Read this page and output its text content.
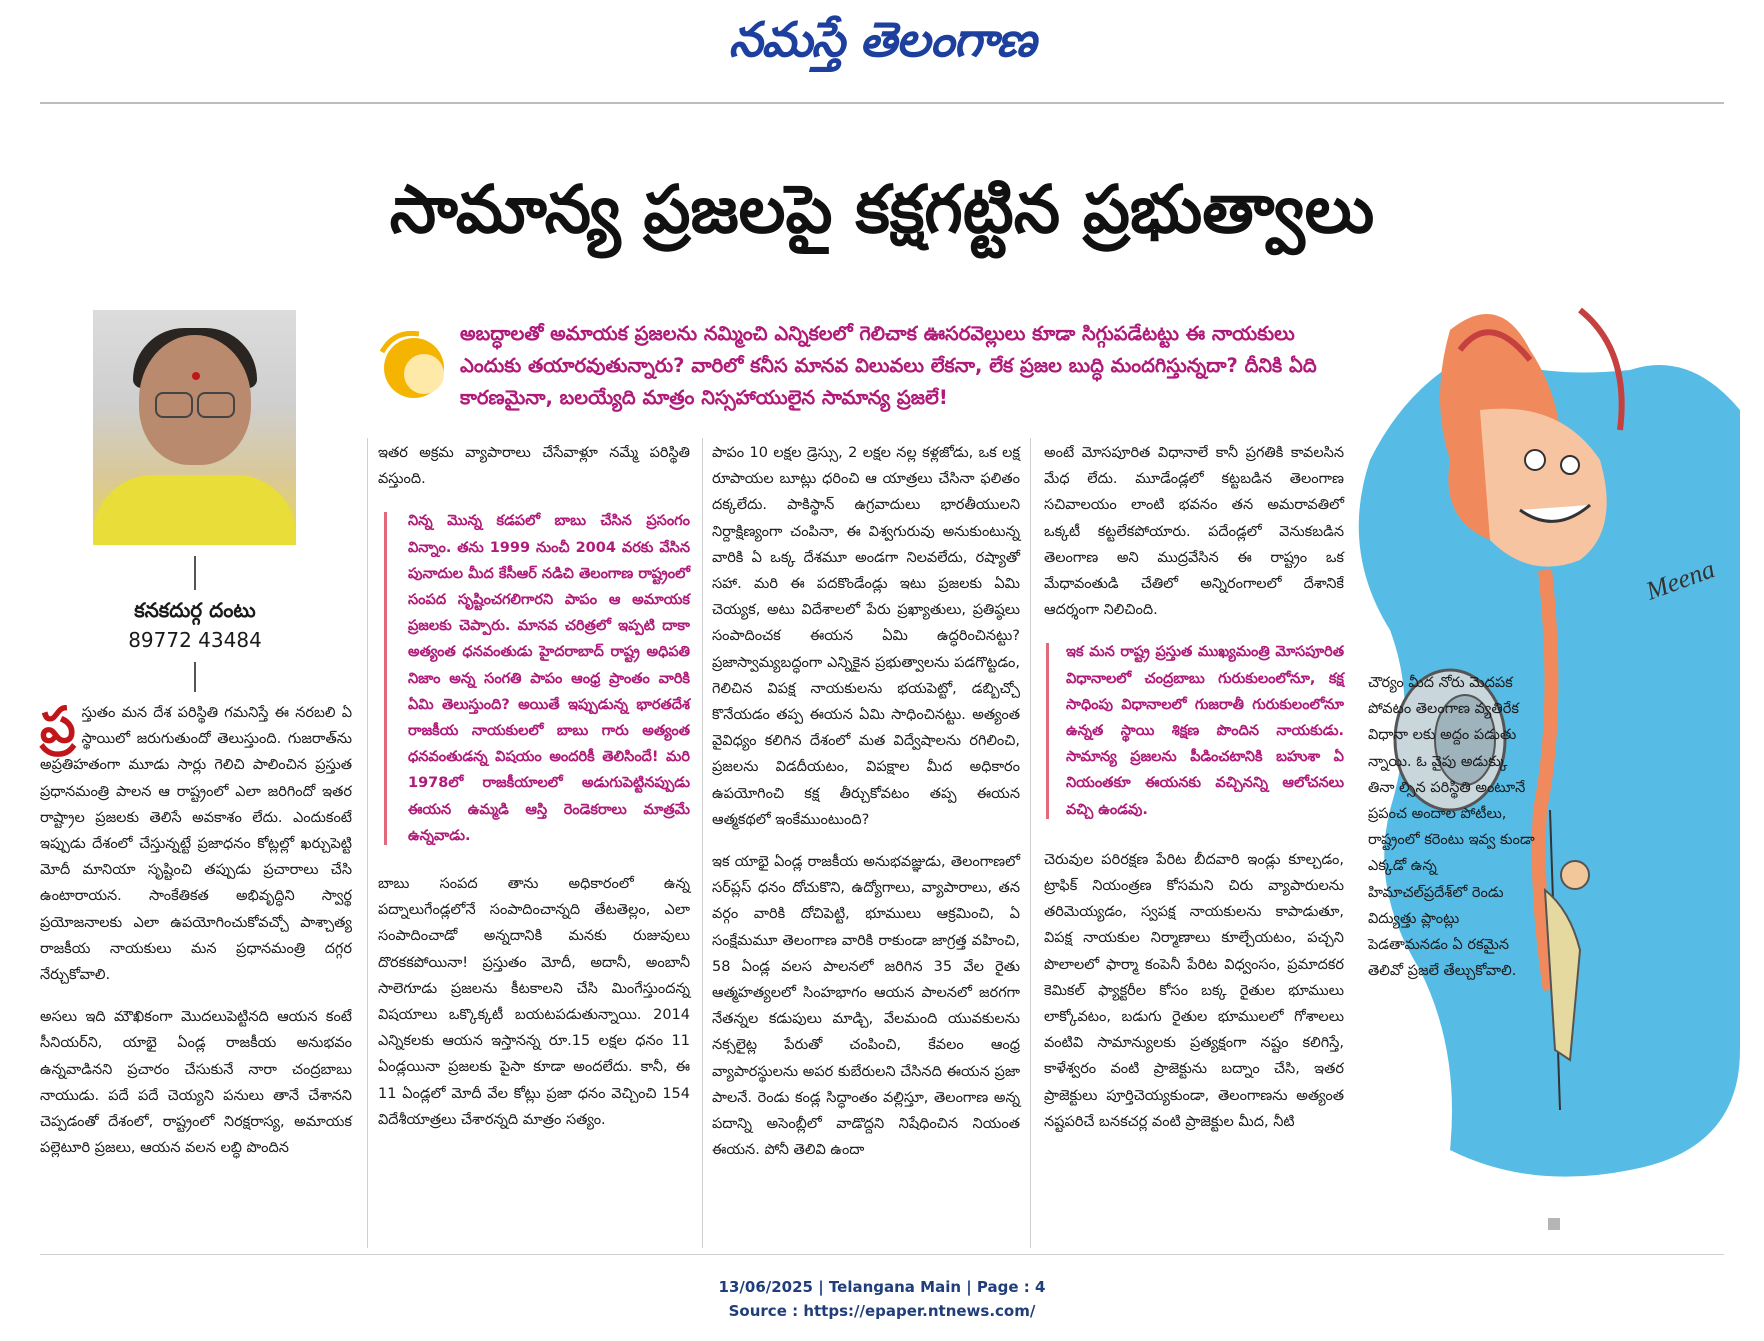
నమస్తే తెలంగాణ
సామాన్య ప్రజలపై కక్షగట్టిన ప్రభుత్వాలు
కనకదుర్గ దంటు
89772 43484
అబద్ధాలతో అమాయక ప్రజలను నమ్మించి ఎన్నికలలో గెలిచాక ఊసరవెల్లులు కూడా సిగ్గుపడేటట్టు ఈ నాయకులు ఎందుకు తయారవుతున్నారు? వారిలో కనీస మానవ విలువలు లేకనా, లేక ప్రజల బుద్ధి మందగిస్తున్నదా? దీనికి ఏది కారణమైనా, బలయ్యేది మాత్రం నిస్సహాయులైన సామాన్య ప్రజలే!

ప్ర స్తుతం మన దేశ పరిస్థితి గమనిస్తే ఈ నరబలి ఏ స్థాయిలో జరుగుతుందో తెలుస్తుంది. గుజరాత్‌ను అప్రతిహతంగా మూడు సార్లు గెలిచి పాలించిన ప్రస్తుత ప్రధానమంత్రి పాలన ఆ రాష్ట్రంలో ఎలా జరిగిందో ఇతర రాష్ట్రాల ప్రజలకు తెలిసే అవకాశం లేదు. ఎందుకంటే ఇప్పుడు దేశంలో చేస్తున్నట్టే ప్రజాధనం కోట్లల్లో ఖర్చుపెట్టి మోదీ మానియా సృష్టించి తప్పుడు ప్రచారాలు చేసి ఉంటారాయన. సాంకేతికత అభివృద్ధిని స్వార్థ ప్రయోజనాలకు ఎలా ఉపయోగించుకోవచ్చో పాశ్చాత్య రాజకీయ నాయకులు మన ప్రధానమంత్రి దగ్గర నేర్చుకోవాలి.

అసలు ఇది మౌఖికంగా మొదలుపెట్టినది ఆయన కంటే సీనియర్‌ని, యాభై ఏండ్ల రాజకీయ అనుభవం ఉన్నవాడినని ప్రచారం చేసుకునే నారా చంద్రబాబు నాయుడు. పదే పదే చెయ్యని పనులు తానే చేశానని చెప్పడంతో దేశంలో, రాష్ట్రంలో నిరక్షరాస్య, అమాయక పల్లెటూరి ప్రజలు, ఆయన వలన లబ్ధి పొందిన

ఇతర అక్రమ వ్యాపారాలు చేసేవాళ్లూ నమ్మే పరిస్థితి వస్తుంది.

నిన్న మొన్న కడపలో బాబు చేసిన ప్రసంగం విన్నాం. తను 1999 నుంచీ 2004 వరకు వేసిన పునాదుల మీద కేసీఆర్ నడిచి తెలంగాణ రాష్ట్రంలో సంపద సృష్టించగలిగారని పాపం ఆ అమాయక ప్రజలకు చెప్పారు. మానవ చరిత్రలో ఇప్పటి దాకా అత్యంత ధనవంతుడు హైదరాబాద్ రాష్ట్ర అధిపతి నిజాం అన్న సంగతి పాపం ఆంధ్ర ప్రాంతం వారికి ఏమి తెలుస్తుంది? అయితే ఇప్పుడున్న భారతదేశ రాజకీయ నాయకులలో బాబు గారు అత్యంత ధనవంతుడన్న విషయం అందరికీ తెలిసిందే! మరి 1978లో రాజకీయాలలో అడుగుపెట్టినప్పుడు ఈయన ఉమ్మడి ఆస్తి రెండెకరాలు మాత్రమే ఉన్నవాడు.

బాబు సంపద తాను అధికారంలో ఉన్న పద్నాలుగేండ్లలోనే సంపాదించాన్నది తేటతెల్లం, ఎలా సంపాదించాడో అన్నదానికి మనకు రుజువులు దొరకకపోయినా! ప్రస్తుతం మోదీ, అదానీ, అంబానీ సాలెగూడు ప్రజలను కీటకాలని చేసి మింగేస్తుందన్న విషయాలు ఒక్కొక్కటీ బయటపడుతున్నాయి. 2014 ఎన్నికలకు ఆయన ఇస్తానన్న రూ.15 లక్షల ధనం 11 ఏండ్లయినా ప్రజలకు పైసా కూడా అందలేదు. కానీ, ఈ 11 ఏండ్లలో మోదీ వేల కోట్లు ప్రజా ధనం వెచ్చించి 154 విదేశీయాత్రలు చేశారన్నది మాత్రం సత్యం.

పాపం 10 లక్షల డ్రెస్సు, 2 లక్షల నల్ల కళ్లజోడు, ఒక లక్ష రూపాయల బూట్లు ధరించి ఆ యాత్రలు చేసినా ఫలితం దక్కలేదు. పాకిస్థాన్ ఉగ్రవాదులు భారతీయులని నిర్దాక్షిణ్యంగా చంపినా, ఈ విశ్వగురువు అనుకుంటున్న వారికి ఏ ఒక్క దేశమూ అండగా నిలవలేదు, రష్యాతో సహా. మరి ఈ పదకొండేండ్లు ఇటు ప్రజలకు ఏమి చెయ్యక, అటు విదేశాలలో పేరు ప్రఖ్యాతులు, ప్రతిష్ఠలు సంపాదించక ఈయన ఏమి ఉద్ధరించినట్టు? ప్రజాస్వామ్యబద్ధంగా ఎన్నికైన ప్రభుత్వాలను పడగొట్టడం, గెలిచిన విపక్ష నాయకులను భయపెట్టో, డబ్బిచ్చో కొనేయడం తప్ప ఈయన ఏమి సాధించినట్టు. అత్యంత వైవిధ్యం కలిగిన దేశంలో మత విద్వేషాలను రగిలించి, ప్రజలను విడదీయటం, విపక్షాల మీద అధికారం ఉపయోగించి కక్ష తీర్చుకోవటం తప్ప ఈయన ఆత్మకథలో ఇంకేముంటుంది?

ఇక యాభై ఏండ్ల రాజకీయ అనుభవజ్ఞుడు, తెలంగాణలో సర్‌ప్లస్ ధనం దోచుకొని, ఉద్యోగాలు, వ్యాపారాలు, తన వర్గం వారికి దోచిపెట్టి, భూములు ఆక్రమించి, ఏ సంక్షేమమూ తెలంగాణ వారికి రాకుండా జాగ్రత్త వహించి, 58 ఏండ్ల వలస పాలనలో జరిగిన 35 వేల రైతు ఆత్మహత్యలలో సింహభాగం ఆయన పాలనలో జరగగా నేతన్నల కడుపులు మాడ్చి, వేలమంది యువకులను నక్సలైట్ల పేరుతో చంపించి, కేవలం ఆంధ్ర వ్యాపారస్థులను అపర కుబేరులని చేసినది ఈయన ప్రజా పాలనే. రెండు కండ్ల సిద్ధాంతం వల్లిస్తూ, తెలంగాణ అన్న పదాన్ని అసెంబ్లీలో వాడొద్దని నిషేధించిన నియంత ఈయన. పోనీ తెలివి ఉందా

అంటే మోసపూరిత విధానాలే కానీ ప్రగతికి కావలసిన మేధ లేదు. మూడేండ్లలో కట్టబడిన తెలంగాణ సచివాలయం లాంటి భవనం తన అమరావతిలో ఒక్కటీ కట్టలేకపోయారు. పదేండ్లలో వెనుకబడిన తెలంగాణ అని ముద్రవేసిన ఈ రాష్ట్రం ఒక మేధావంతుడి చేతిలో అన్నిరంగాలలో దేశానికే ఆదర్శంగా నిలిచింది.

ఇక మన రాష్ట్ర ప్రస్తుత ముఖ్యమంత్రి మోసపూరిత విధానాలలో చంద్రబాబు గురుకులంలోనూ, కక్ష సాధింపు విధానాలలో గుజరాతీ గురుకులంలోనూ ఉన్నత స్థాయి శిక్షణ పొందిన నాయకుడు. సామాన్య ప్రజలను పీడించటానికి బహుశా ఏ నియంతకూ ఈయనకు వచ్చినన్ని ఆలోచనలు వచ్చి ఉండవు.

చెరువుల పరిరక్షణ పేరిట బీదవారి ఇండ్లు కూల్చడం, ట్రాఫిక్ నియంత్రణ కోసమని చిరు వ్యాపారులను తరిమెయ్యడం, స్వపక్ష నాయకులను కాపాడుతూ, విపక్ష నాయకుల నిర్మాణాలు కూల్చేయటం, పచ్చని పొలాలలో ఫార్మా కంపెనీ పేరిట విధ్వంసం, ప్రమాదకర కెమికల్ ఫ్యాక్టరీల కోసం బక్క రైతుల భూములు లాక్కోవటం, బడుగు రైతుల భూములలో గోశాలలు వంటివి సామాన్యులకు ప్రత్యక్షంగా నష్టం కలిగిస్తే, కాళేశ్వరం వంటి ప్రాజెక్టును బద్నాం చేసి, ఇతర ప్రాజెక్టులు పూర్తిచెయ్యకుండా, తెలంగాణను అత్యంత నష్టపరిచే బనకచర్ల వంటి ప్రాజెక్టుల మీద, నీటి

Meena

చౌర్యం మీద నోరు మెదపక పోవటం తెలంగాణ వ్యతిరేక విధానా లకు అద్దం పడుతు న్నాయి. ఓ వైపు అడుక్కు తినా ల్సిన పరిస్థితి అంటూనే ప్రపంచ అందాల పోటీలు, రాష్ట్రంలో కరెంటు ఇవ్వ కుండా ఎక్కడో ఉన్న హిమాచల్‌ప్రదేశ్‌లో రెండు విద్యుత్తు ప్లాంట్లు పెడతామనడం ఏ రకమైన తెలివో ప్రజలే తేల్చుకోవాలి.

13/06/2025 | Telangana Main | Page : 4
Source : https://epaper.ntnews.com/
